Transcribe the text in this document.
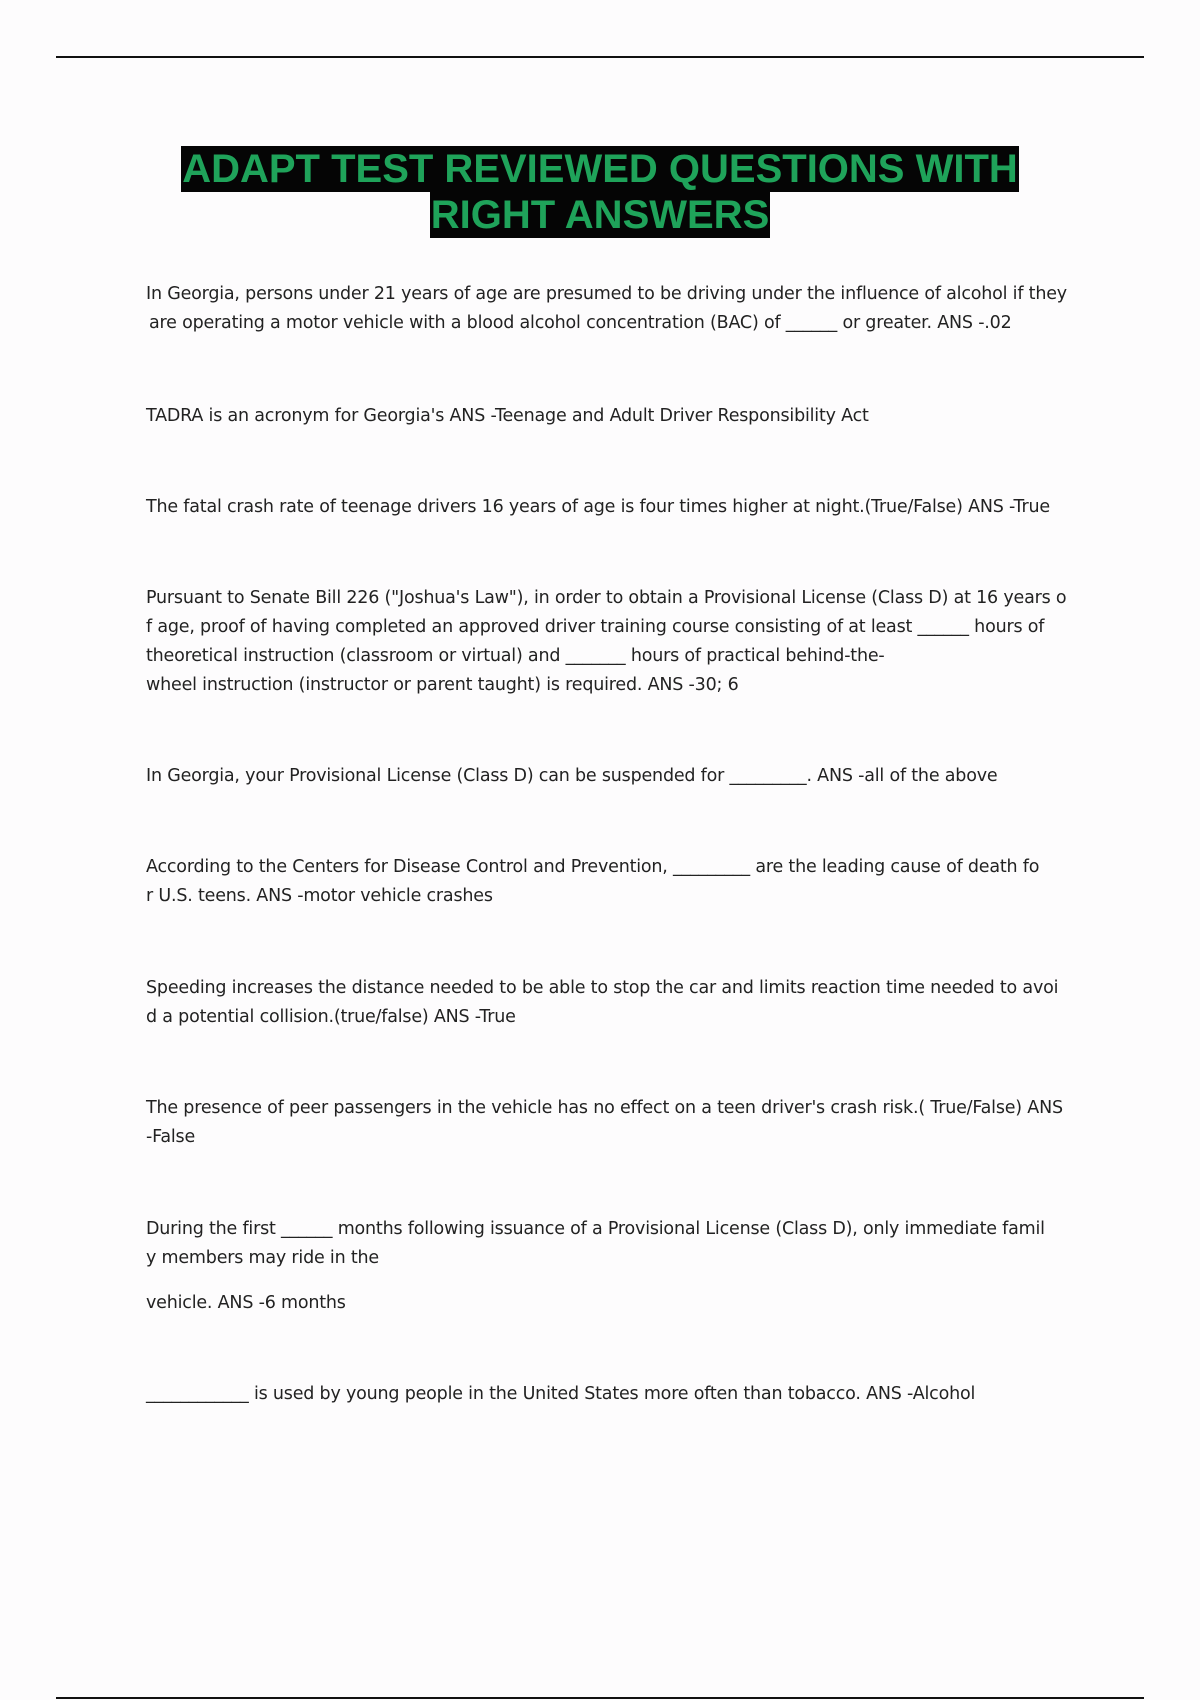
ADAPT TEST REVIEWED QUESTIONS WITH
RIGHT ANSWERS

In Georgia, persons under 21 years of age are presumed to be driving under the influence of alcohol if they
are operating a motor vehicle with a blood alcohol concentration (BAC) of ______ or greater. ANS -.02

TADRA is an acronym for Georgia's ANS -Teenage and Adult Driver Responsibility Act

The fatal crash rate of teenage drivers 16 years of age is four times higher at night.(True/False) ANS -True

Pursuant to Senate Bill 226 ("Joshua's Law"), in order to obtain a Provisional License (Class D) at 16 years o
f age, proof of having completed an approved driver training course consisting of at least ______ hours of
theoretical instruction (classroom or virtual) and _______ hours of practical behind-the-
wheel instruction (instructor or parent taught) is required. ANS -30; 6

In Georgia, your Provisional License (Class D) can be suspended for _________. ANS -all of the above

According to the Centers for Disease Control and Prevention, _________ are the leading cause of death fo
r U.S. teens. ANS -motor vehicle crashes

Speeding increases the distance needed to be able to stop the car and limits reaction time needed to avoi
d a potential collision.(true/false) ANS -True

The presence of peer passengers in the vehicle has no effect on a teen driver's crash risk.( True/False) ANS
-False

During the first ______ months following issuance of a Provisional License (Class D), only immediate famil
y members may ride in the
vehicle. ANS -6 months

____________ is used by young people in the United States more often than tobacco. ANS -Alcohol
